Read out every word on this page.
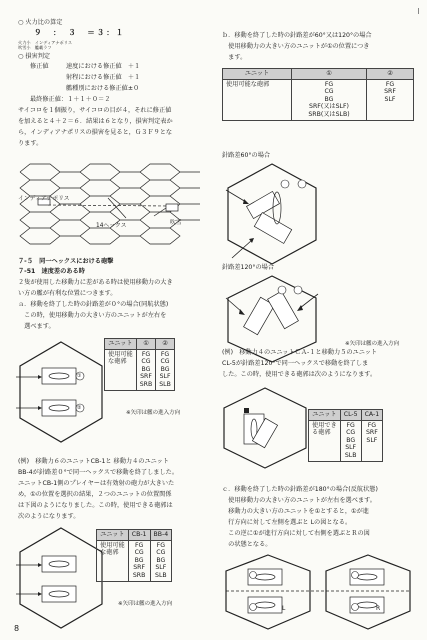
○ 火力比の算定
９　：　３　＝３：１
火力小　インディアナポリス
吹雪小　艦載ラフ
○ 損害判定
修正値	速度における修正値　＋１
射程における修正値　＋１
艦種別における修正値±０
最終修正値：１＋１＋０＝２
サイコロを１個振り，サイコロの目が４，それに修正値
を加えると４＋２＝６．結果は６となり，損害判定表か
ら，インディアナポリスの損害を見ると，Ｇ３Ｆ９とな
ります。
インディアナポリス
14ヘックス	吹雪
７-５　同一ヘックスにおける砲撃
７-51　速度差のある時
２隻が使用した移動力に差がある時は使用移動力の大き
い方の艦が有利な位置につきます。
ａ．移動を終了した時の針路差が０°の場合(同航状態)
　この時，使用移動力の大きい方のユニットが左右を
　選べます。
①
②
ユニット	①	②
使用可能
な砲郭	FG
CG
BG
SRF
SRB	FG
CG
BG
SLF
SLB
※矢印は艦の進入方向
(例)　移動力６のユニットCB-1と 移動力４のユニット
BB-4が針路差０°で同一ヘックスで移動を終了しました。
ユニットCB-1側のプレイヤーは有効射の砲力が大きいた
め，①の位置を選択の結果，２つのユニットの位置関係
は下図のようになりました。この時，使用できる砲郭は
次のようになります。
ユニット	CB-1	BB-4
使用可能
な砲郭	FG
CG
BG
SRF
SRB	FG
CG
BG
SLF
SLB
※矢印は艦の進入方向
8
ｂ．移動を終了した時の針路差が60°又は120°の場合
　使用移動力の大きい方のユニットが①の位置につき
　ます。
ユニット	①	②
使用可能な砲郭	FG
CG
BG
SRF(又はSLF)
SRB(又はSLB)	FG
SRF
SLF
針路差60°の場合
針路差120°の場合
※矢印は艦の進入方向
(例)　移動力４のユニットＣＡ-１と移動力５のユニット
CL-5が針路差120°で同一ヘックスで移動を終了しま
した。この時，使用できる砲郭は次のようになります。
ユニット	CL-5	CA-1
使用でき
る砲郭	FG
CG
BG
SLF
SLB	FG
SRF
SLF
ｃ．移動を終了した時の針路差が180°の場合(反航状態)
　使用移動力の大きい方のユニットが左右を選べます。
　移動力の大きい方のユニットを①とすると，①が進
　行方向に対して左側を選ぶと Lの図となる。
　この逆に①が進行方向に対して右側を選ぶとＲの図
　の状態となる。
L	R
